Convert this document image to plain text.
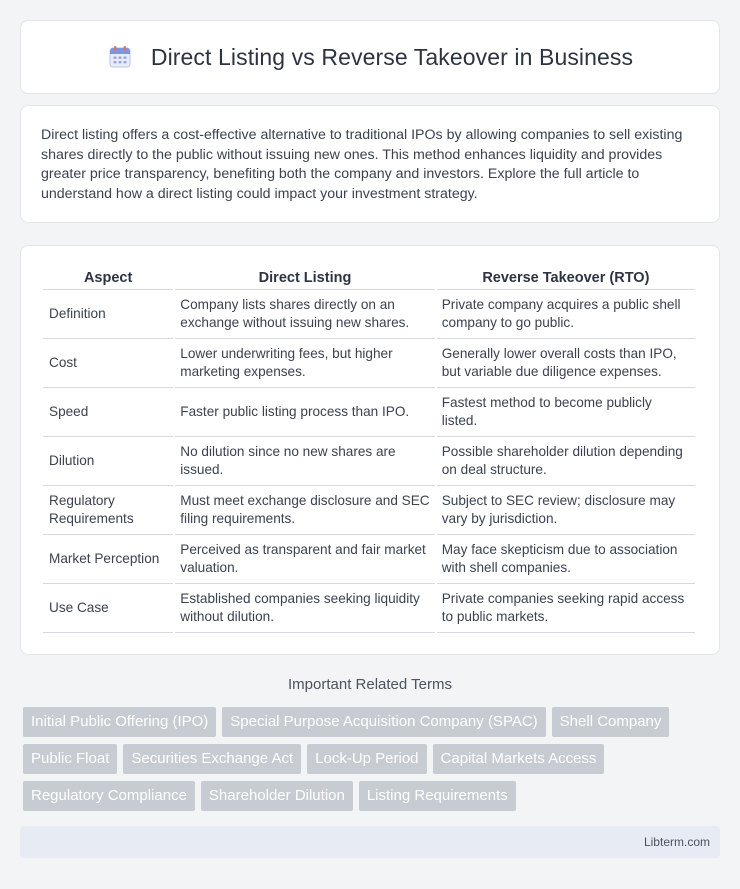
Direct Listing vs Reverse Takeover in Business

Direct listing offers a cost-effective alternative to traditional IPOs by allowing companies to sell existing shares directly to the public without issuing new ones. This method enhances liquidity and provides greater price transparency, benefiting both the company and investors. Explore the full article to understand how a direct listing could impact your investment strategy.

Aspect	Direct Listing	Reverse Takeover (RTO)
Definition	Company lists shares directly on an exchange without issuing new shares.	Private company acquires a public shell company to go public.
Cost	Lower underwriting fees, but higher marketing expenses.	Generally lower overall costs than IPO, but variable due diligence expenses.
Speed	Faster public listing process than IPO.	Fastest method to become publicly listed.
Dilution	No dilution since no new shares are issued.	Possible shareholder dilution depending on deal structure.
Regulatory Requirements	Must meet exchange disclosure and SEC filing requirements.	Subject to SEC review; disclosure may vary by jurisdiction.
Market Perception	Perceived as transparent and fair market valuation.	May face skepticism due to association with shell companies.
Use Case	Established companies seeking liquidity without dilution.	Private companies seeking rapid access to public markets.
Important Related Terms
Initial Public Offering (IPO)	Special Purpose Acquisition Company (SPAC)	Shell Company
Public Float	Securities Exchange Act	Lock-Up Period	Capital Markets Access
Regulatory Compliance	Shareholder Dilution	Listing Requirements
Libterm.com
